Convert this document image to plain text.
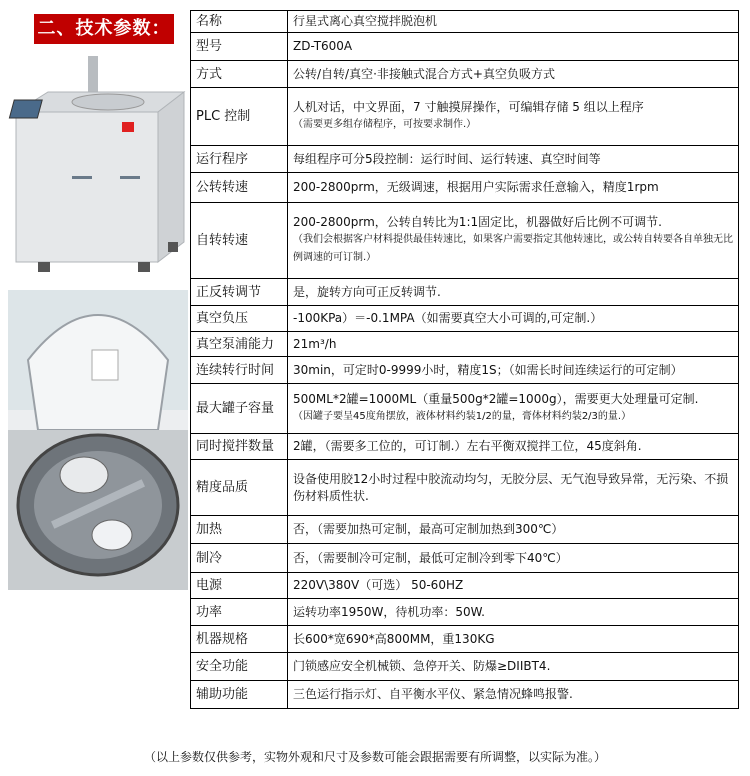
二、技术参数： 名称	行星式离心真空搅拌脱泡机
型号	ZD-T600A
方式	公转/自转/真空·非接触式混合方式+真空负吸方式
PLC 控制	人机对话，中文界面，7 寸触摸屏操作，可编辑存储 5 组以上程序
（需要更多组存储程序，可按要求制作.）

运行程序	每组程序可分5段控制：运行时间、运行转速、真空时间等
公转转速	200-2800prm，无级调速，根据用户实际需求任意输入，精度1rpm
自转转速	200-2800prm，公转自转比为1:1固定比，机器做好后比例不可调节.
（我们会根据客户材料提供最佳转速比，如果客户需要指定其他转速比，或公转自转要各自单独无比例调速的可订制.）

正反转调节	是，旋转方向可正反转调节.
真空负压	-100KPa）＝-0.1MPA（如需要真空大小可调的,可定制.）
真空泵浦能力	21m³/h
连续转行时间	30min，可定时0-9999小时，精度1S；（如需长时间连续运行的可定制）
最大罐子容量	500ML*2罐=1000ML（重量500g*2罐=1000g），需要更大处理量可定制.
（因罐子要呈45度角摆放，液体材料约装1/2的量，膏体材料约装2/3的量.）

同时搅拌数量	2罐，（需要多工位的，可订制.）左右平衡双搅拌工位，45度斜角.
精度品质	设备使用胶12小时过程中胶流动均匀，无胶分层、无气泡导致异常，无污染、不损伤材料质性状.
加热	否，（需要加热可定制，最高可定制加热到300℃）
制冷	否，（需要制冷可定制，最低可定制冷到零下40℃）
电源	220V\380V（可选） 50-60HZ
功率	运转功率1950W，待机功率：50W.
机器规格	长600*宽690*高800MM，重130KG
安全功能	门锁感应安全机械锁、急停开关、防爆≥DIIBT4.
辅助功能	三色运行指示灯、自平衡水平仪、紧急情况蜂鸣报警.
（以上参数仅供参考，实物外观和尺寸及参数可能会跟据需要有所调整，以实际为准。）
